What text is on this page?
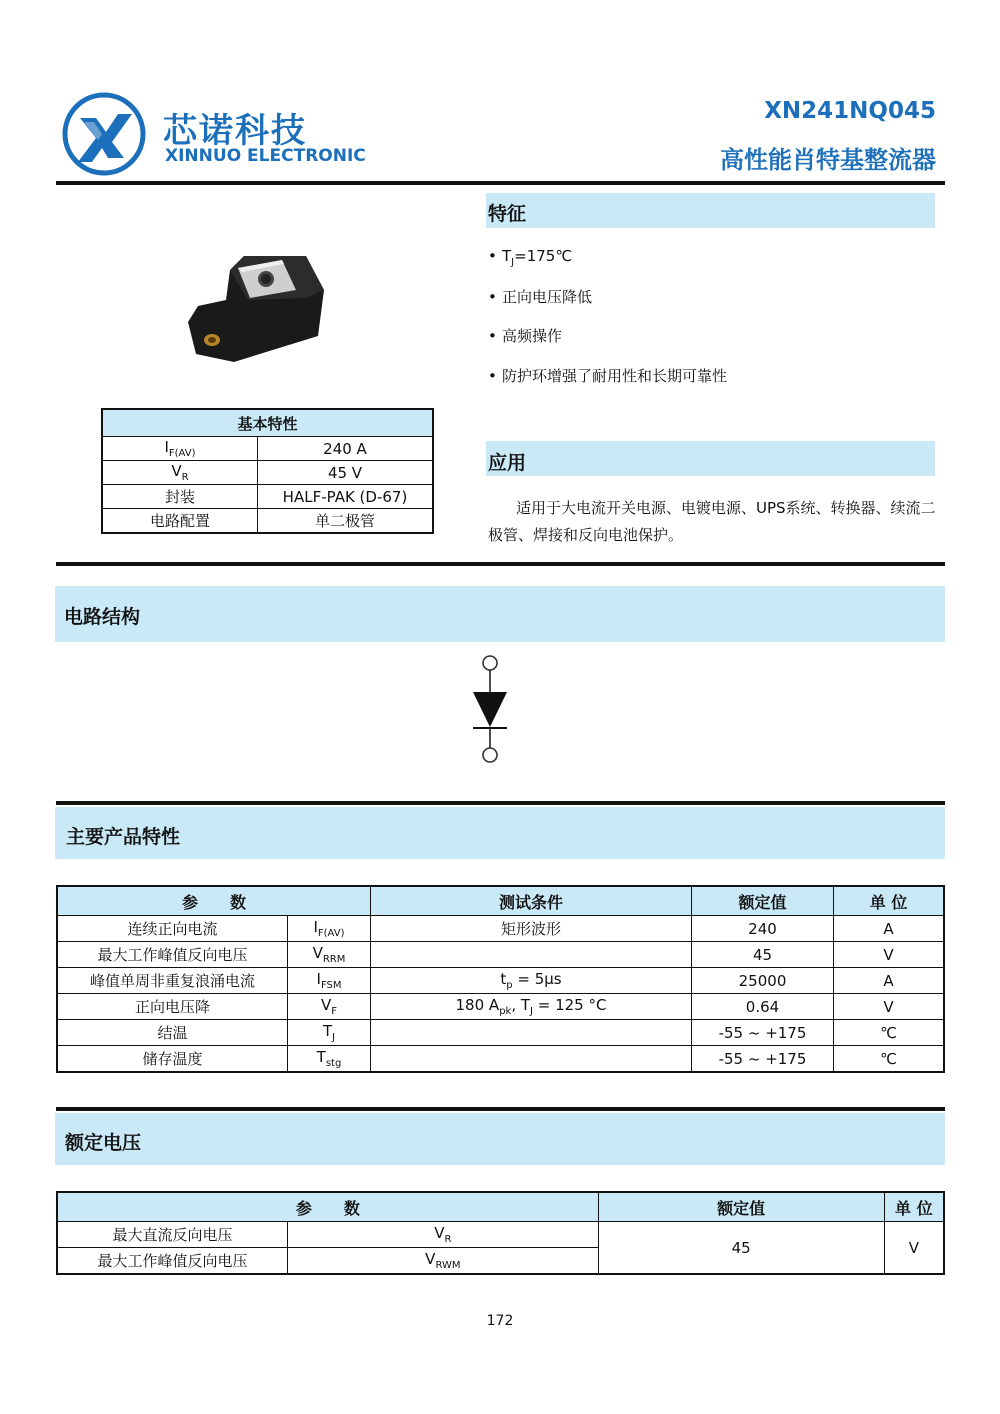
芯诺科技
XINNUO ELECTRONIC
XN241NQ045
高性能肖特基整流器
基本特性	
$I_{F(AV)}$	240 A
$V_R$	45 V
封装	HALF-PAK (D-67)
电路配置	单二极管
特征
• $T_J=175℃$
• 正向电压降低
• 高频操作
• 防护环增强了耐用性和长期可靠性
应用
适用于大电流开关电源、电镀电源、UPS系统、转换器、续流二极管、焊接和反向电池保护。
电路结构
主要产品特性
参　　数		测试条件	额定值	单 位
连续正向电流	$I_{F(AV)}$	矩形波形	240	A
最大工作峰值反向电压	$V_{RRM}$		45	V
峰值单周非重复浪涌电流	$I_{FSM}$	$t_p = 5\mu s$	25000	A
正向电压降	$V_F$	180 $A_{pk}$, $T_J = 125$ °C	0.64	V
结温	$T_J$		-55 ~ +175	℃
储存温度	$T_{stg}$		-55 ~ +175	℃
额定电压
参　　数		额定值	单 位
最大直流反向电压	$V_R$	45	V
最大工作峰值反向电压	$V_{RWM}$
172
